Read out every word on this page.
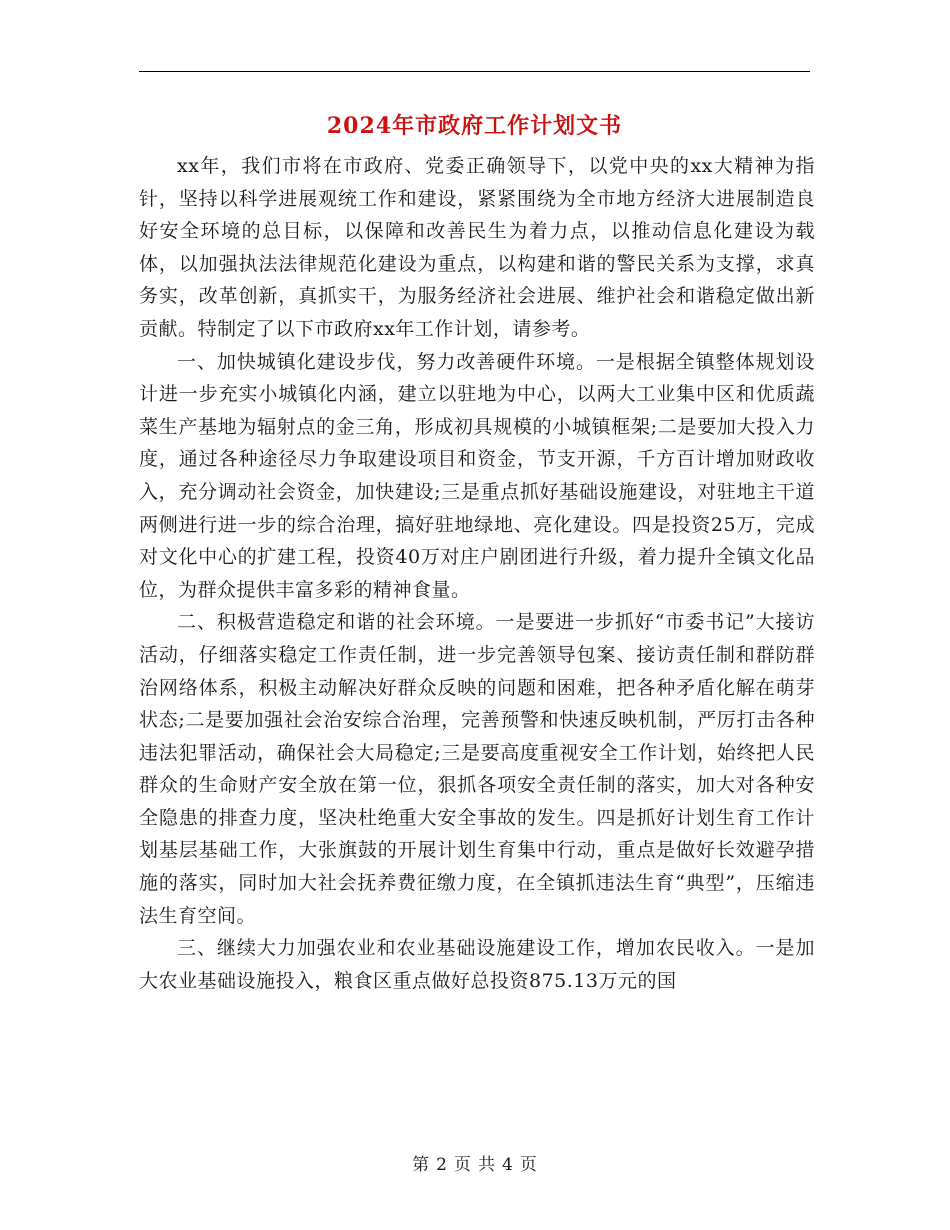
2024年市政府工作计划文书

xx年，我们市将在市政府、党委正确领导下，以党中央的xx大精神为指针，坚持以科学进展观统工作和建设，紧紧围绕为全市地方经济大进展制造良好安全环境的总目标，以保障和改善民生为着力点，以推动信息化建设为载体，以加强执法法律规范化建设为重点，以构建和谐的警民关系为支撑，求真务实，改革创新，真抓实干，为服务经济社会进展、维护社会和谐稳定做出新贡献。特制定了以下市政府xx年工作计划，请参考。

一、加快城镇化建设步伐，努力改善硬件环境。一是根据全镇整体规划设计进一步充实小城镇化内涵，建立以驻地为中心，以两大工业集中区和优质蔬菜生产基地为辐射点的金三角，形成初具规模的小城镇框架;二是要加大投入力度，通过各种途径尽力争取建设项目和资金，节支开源，千方百计增加财政收入，充分调动社会资金，加快建设;三是重点抓好基础设施建设，对驻地主干道两侧进行进一步的综合治理，搞好驻地绿地、亮化建设。四是投资25万，完成对文化中心的扩建工程，投资40万对庄户剧团进行升级，着力提升全镇文化品位，为群众提供丰富多彩的精神食量。

二、积极营造稳定和谐的社会环境。一是要进一步抓好“市委书记”大接访活动，仔细落实稳定工作责任制，进一步完善领导包案、接访责任制和群防群治网络体系，积极主动解决好群众反映的问题和困难，把各种矛盾化解在萌芽状态;二是要加强社会治安综合治理，完善预警和快速反映机制，严厉打击各种违法犯罪活动，确保社会大局稳定;三是要高度重视安全工作计划，始终把人民群众的生命财产安全放在第一位，狠抓各项安全责任制的落实，加大对各种安全隐患的排查力度，坚决杜绝重大安全事故的发生。四是抓好计划生育工作计划基层基础工作，大张旗鼓的开展计划生育集中行动，重点是做好长效避孕措施的落实，同时加大社会抚养费征缴力度，在全镇抓违法生育“典型”，压缩违法生育空间。

三、继续大力加强农业和农业基础设施建设工作，增加农民收入。一是加大农业基础设施投入，粮食区重点做好总投资875.13万元的国

第 2 页 共 4 页
